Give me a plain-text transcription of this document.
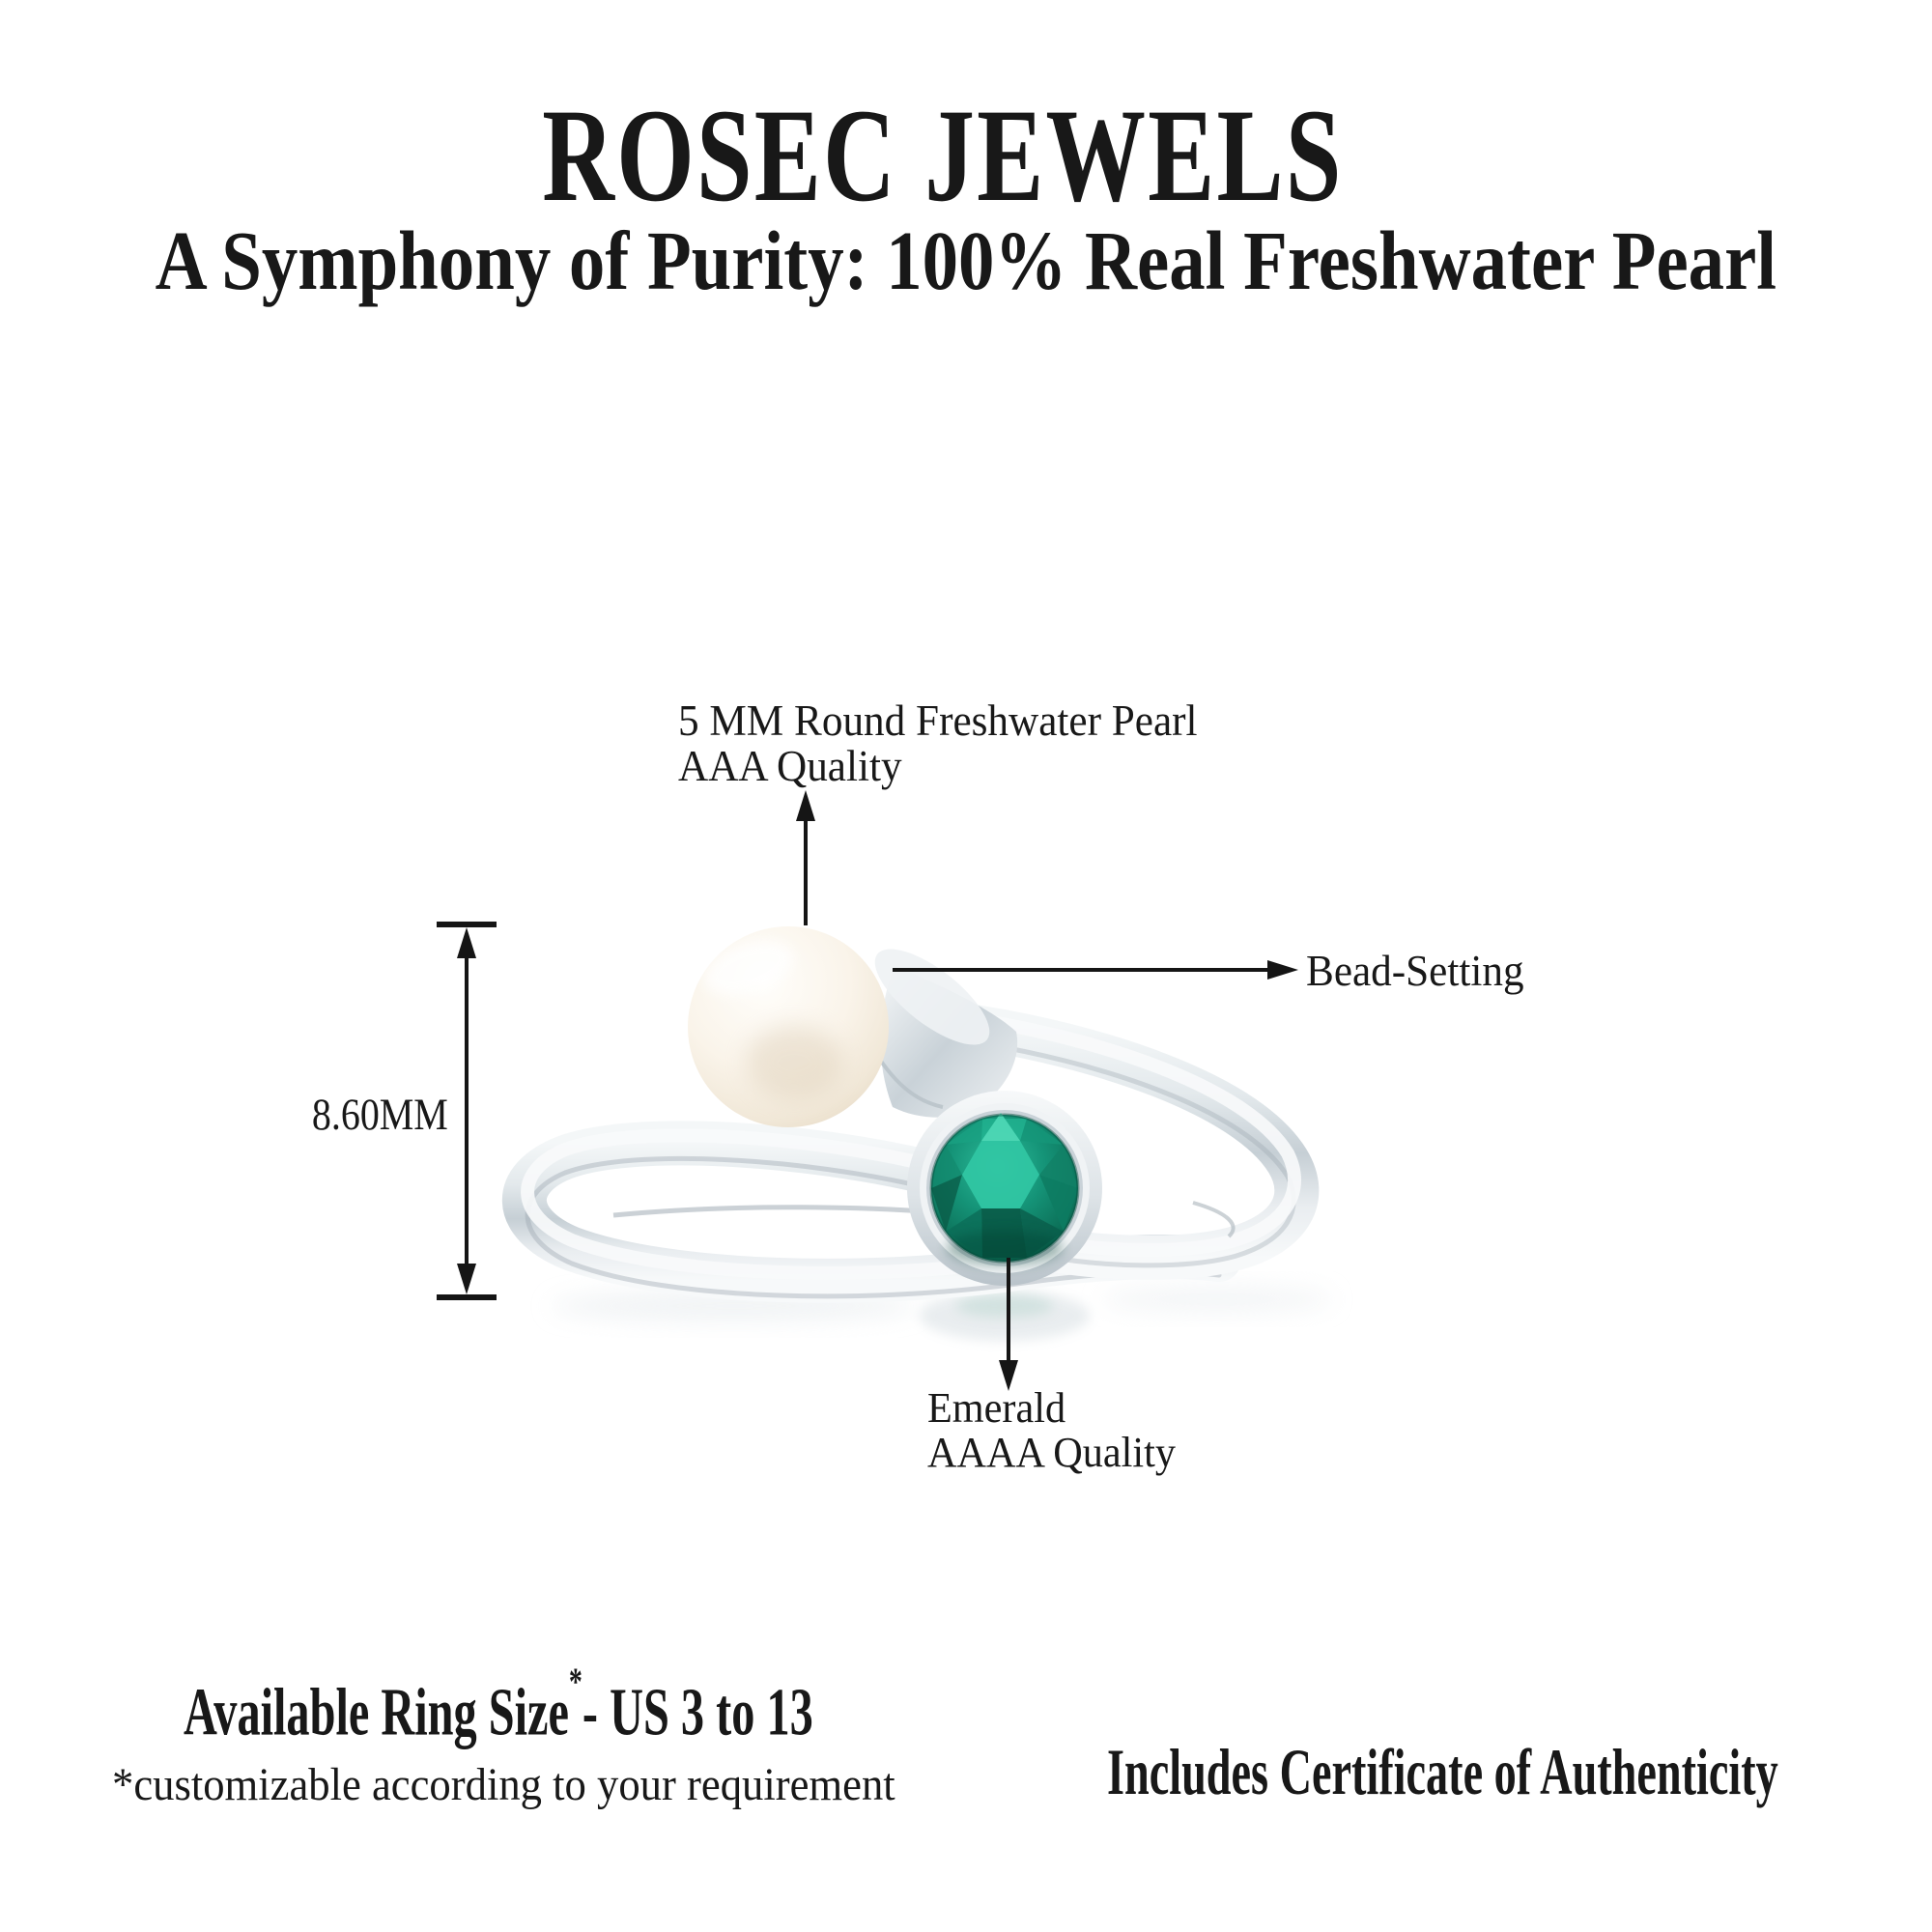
ROSEC JEWELS
A Symphony of Purity: 100% Real Freshwater Pearl
5 MM Round Freshwater Pearl
AAA Quality
Bead-Setting
8.60MM
Emerald
AAAA Quality
Available Ring Size*- US 3 to 13
*customizable according to your requirement	Includes Certificate of Authenticity
